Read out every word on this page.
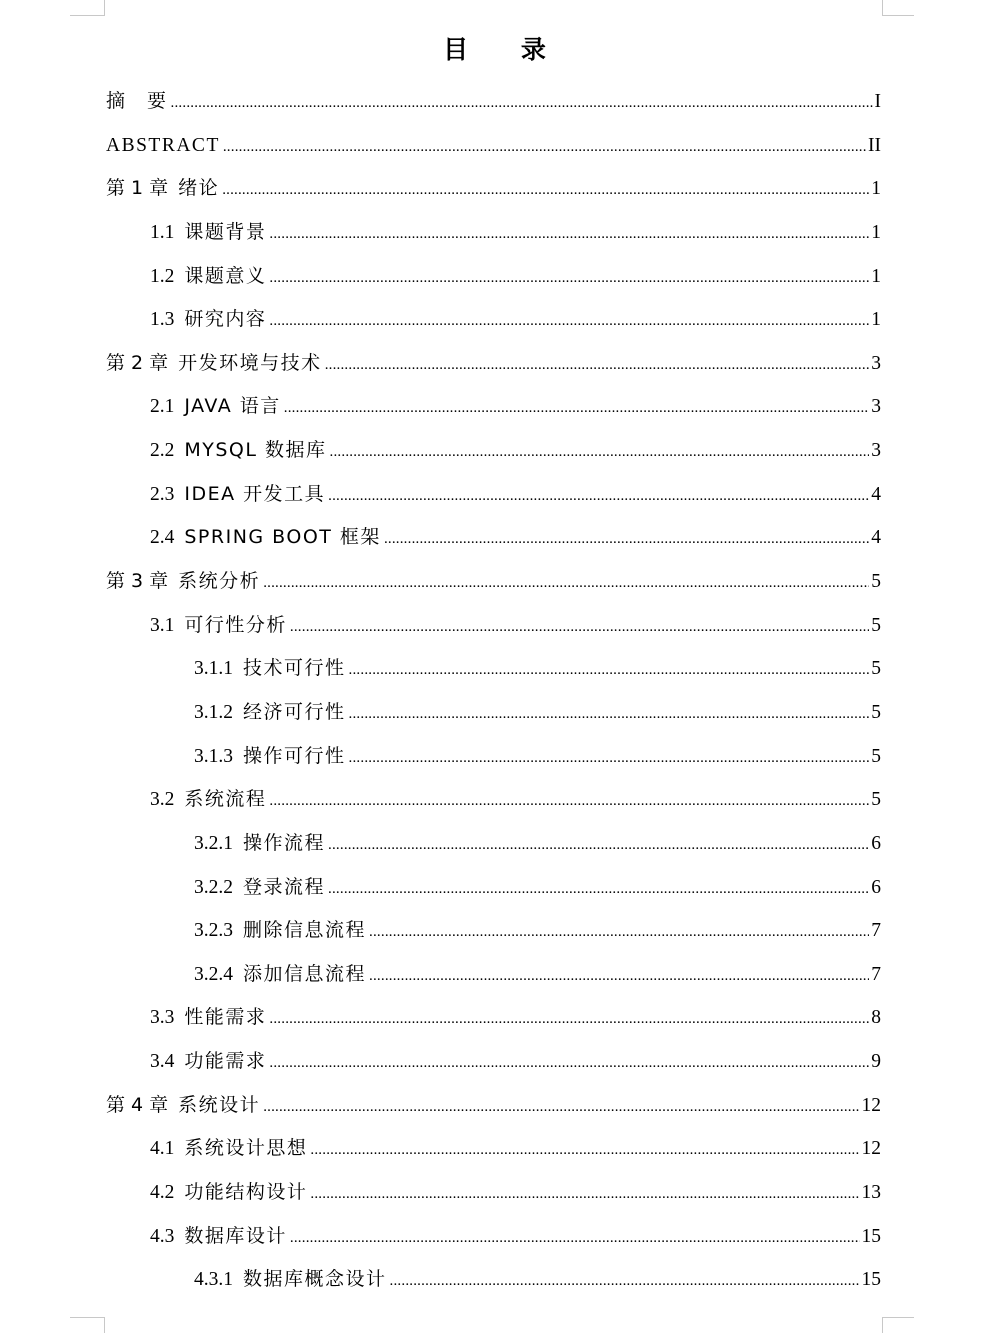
目 录
摘　要 .....	I
ABSTRACT .....	II
第 1 章 绪论 .....	1
1.1 课题背景 .....	1
1.2 课题意义 .....	1
1.3 研究内容 .....	1
第 2 章 开发环境与技术 .....	3
2.1 JAVA 语言 .....	3
2.2 MYSQL 数据库 .....	3
2.3 IDEA 开发工具 .....	4
2.4 SPRING BOOT 框架 .....	4
第 3 章 系统分析 .....	5
3.1 可行性分析 .....	5
3.1.1 技术可行性 .....	5
3.1.2 经济可行性 .....	5
3.1.3 操作可行性 .....	5
3.2 系统流程 .....	5
3.2.1 操作流程 .....	6
3.2.2 登录流程 .....	6
3.2.3 删除信息流程 .....	7
3.2.4 添加信息流程 .....	7
3.3 性能需求 .....	8
3.4 功能需求 .....	9
第 4 章 系统设计 .....	12
4.1 系统设计思想 .....	12
4.2 功能结构设计 .....	13
4.3 数据库设计 .....	15
4.3.1 数据库概念设计 .....	15
